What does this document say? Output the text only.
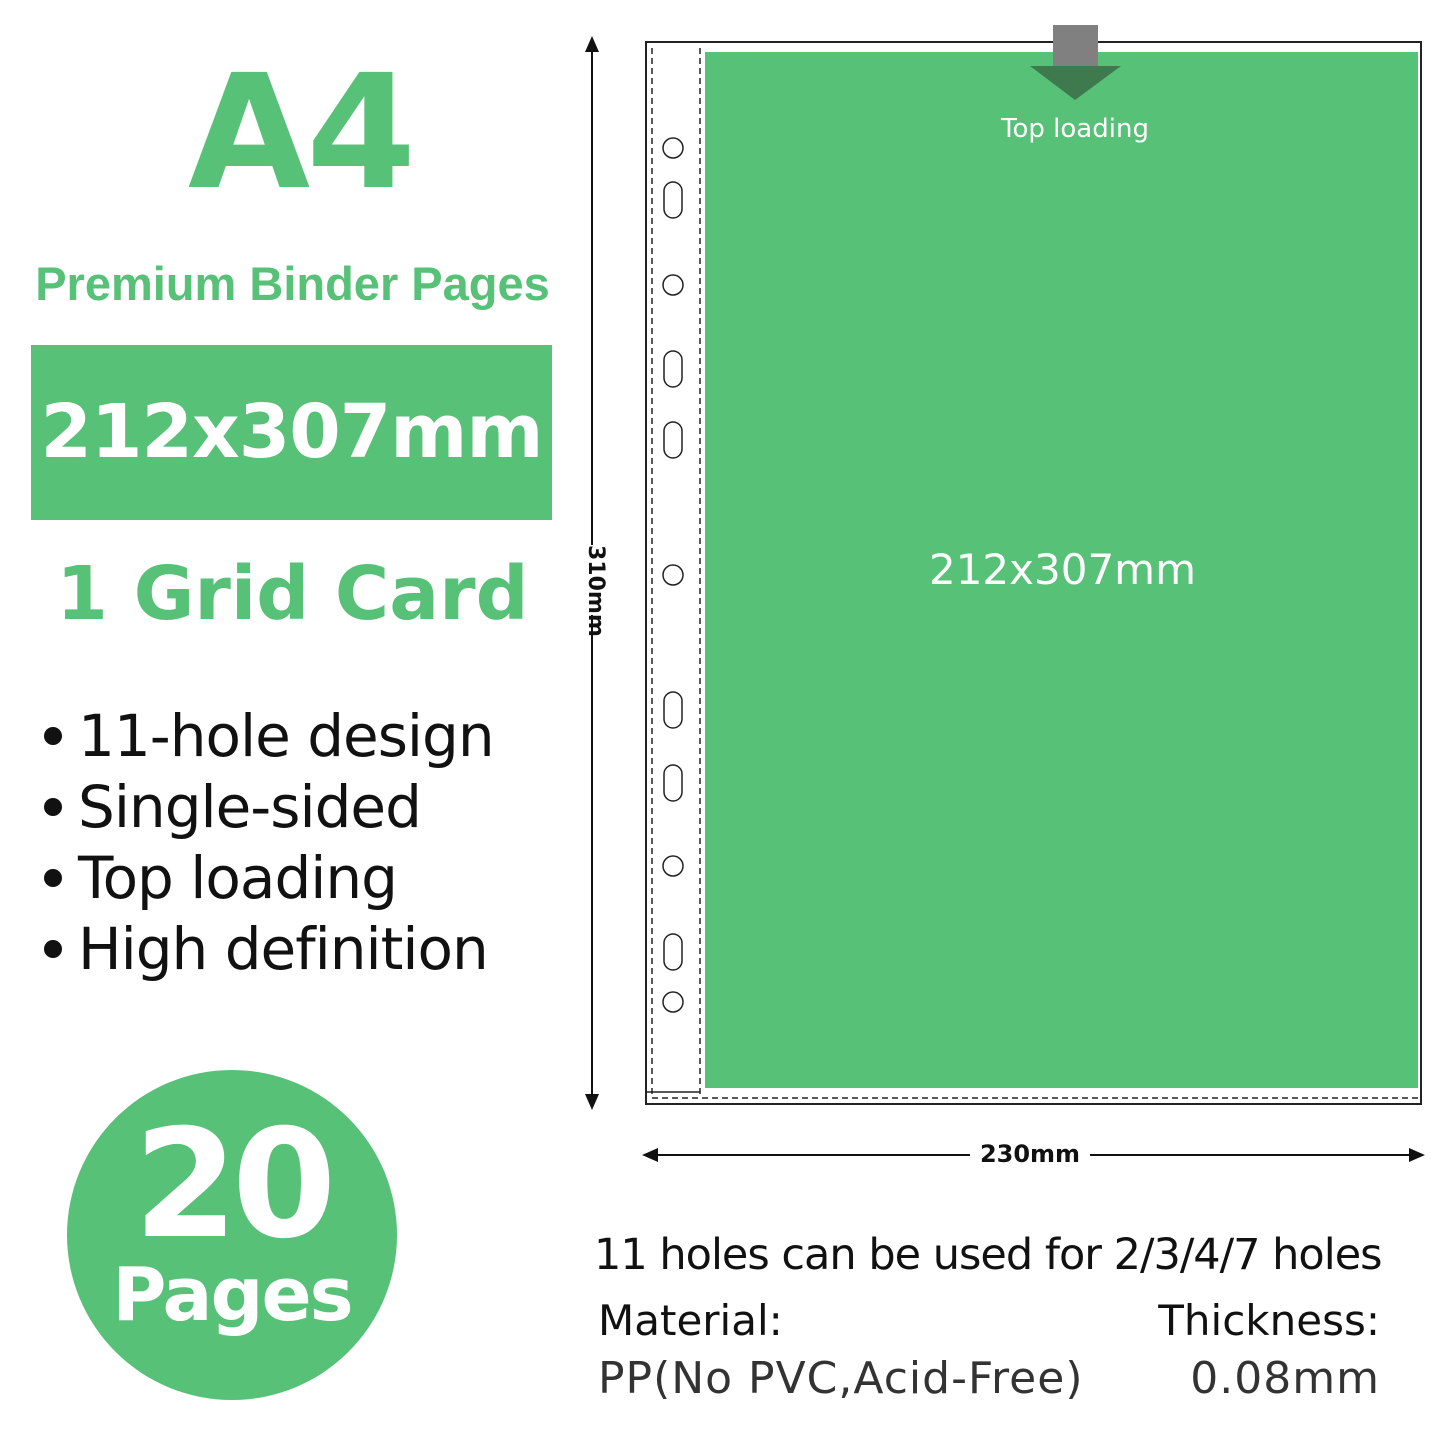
A4
Premium Binder Pages
212x307mm
1 Grid Card
11-hole design
Single-sided
Top loading
High definition
20
Pages
310mm
230mm
Top loading
212x307mm
11 holes can be used for 2/3/4/7 holes
Material:
PP(No PVC,Acid-Free)
Thickness:
0.08mm
